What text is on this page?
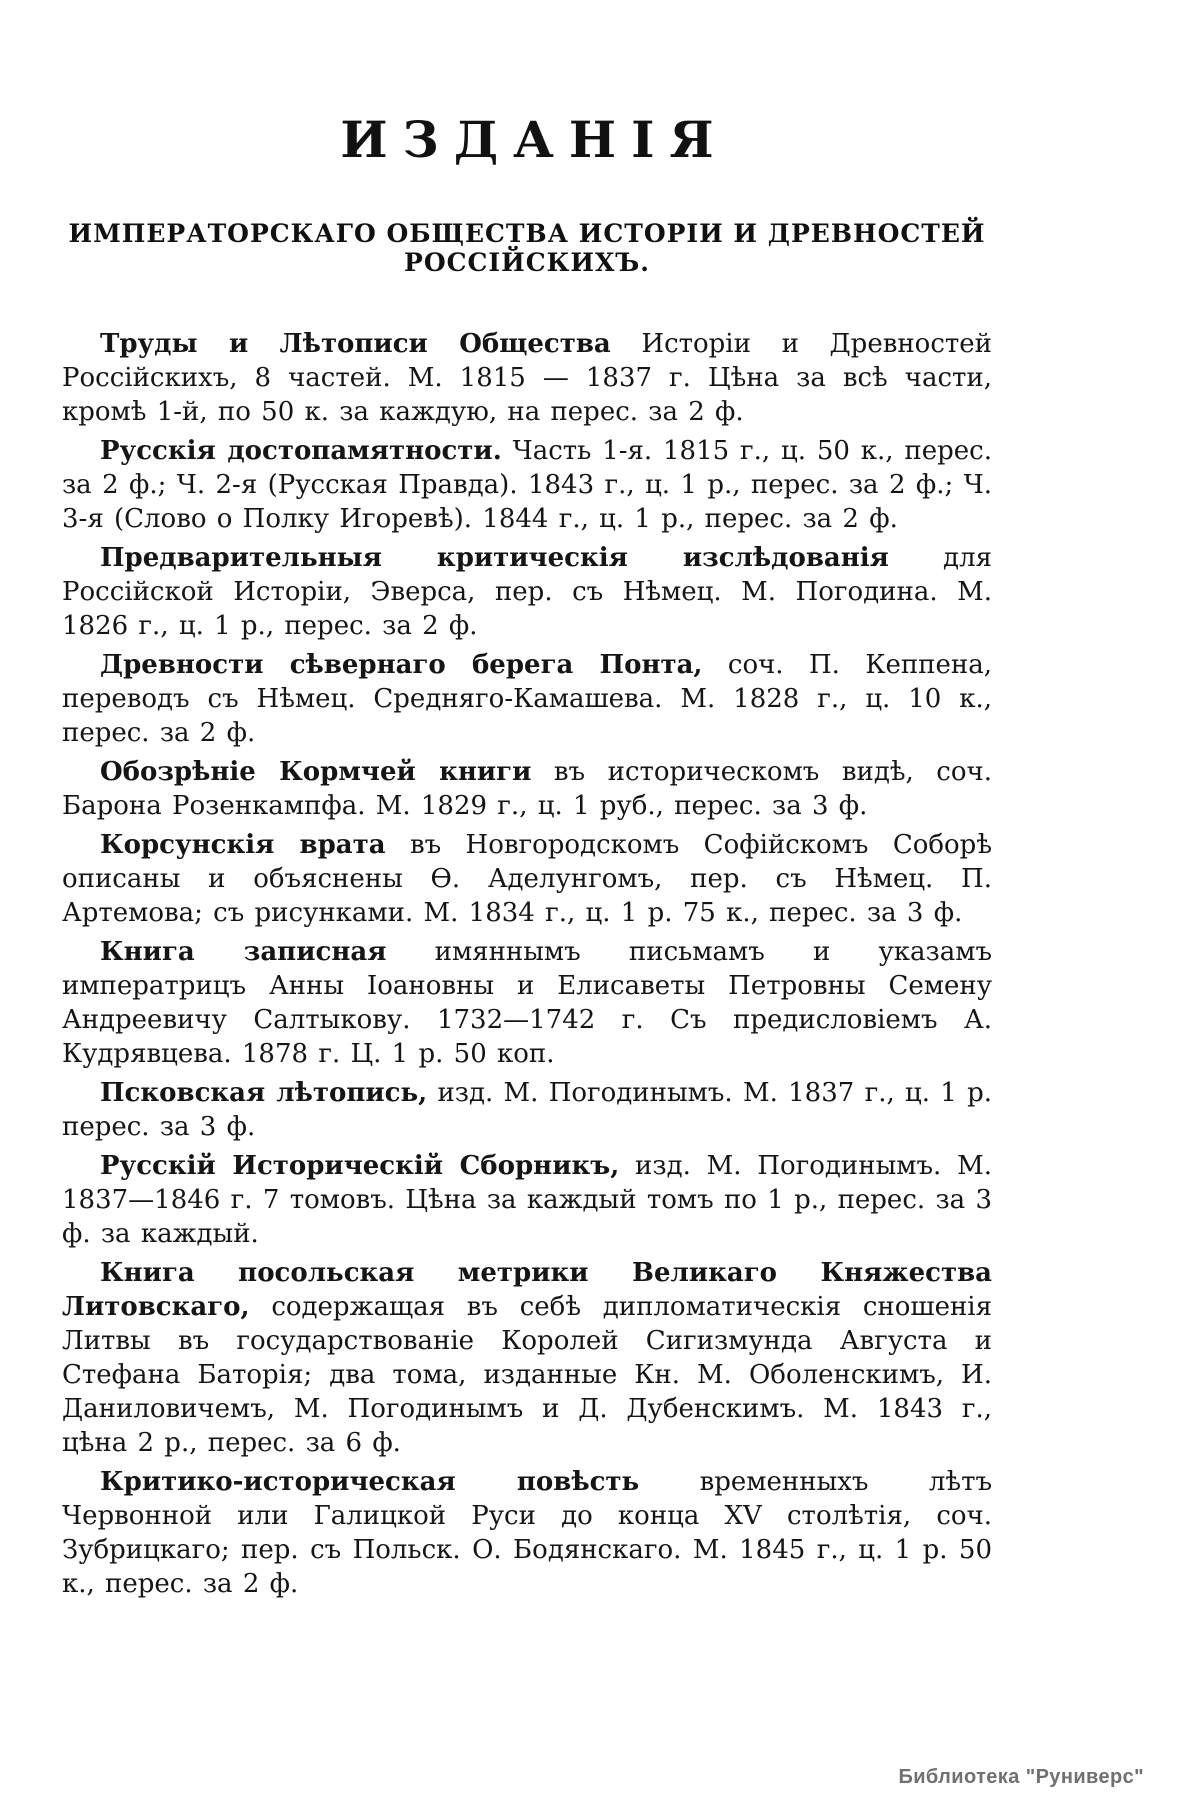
ИЗДАНІЯ
ИМПЕРАТОРСКАГО ОБЩЕСТВА ИСТОРІИ И ДРЕВНОСТЕЙ РОССІЙСКИХЪ.

Труды и Лѣтописи Общества Исторіи и Древностей Россійскихъ, 8 частей. М. 1815 — 1837 г. Цѣна за всѣ части, кромѣ 1-й, по 50 к. за каждую, на перес. за 2 ф.

Русскія достопамятности. Часть 1-я. 1815 г., ц. 50 к., перес. за 2 ф.; Ч. 2-я (Русская Правда). 1843 г., ц. 1 р., перес. за 2 ф.; Ч. 3-я (Слово о Полку Игоревѣ). 1844 г., ц. 1 р., перес. за 2 ф.

Предварительныя критическія изслѣдованія для Россійской Исторіи, Эверса, пер. съ Нѣмец. М. Погодина. М. 1826 г., ц. 1 р., перес. за 2 ф.

Древности сѣвернаго берега Понта, соч. П. Кеппена, переводъ съ Нѣмец. Средняго-Камашева. М. 1828 г., ц. 10 к., перес. за 2 ф.

Обозрѣніе Кормчей книги въ историческомъ видѣ, соч. Барона Розенкампфа. М. 1829 г., ц. 1 руб., перес. за 3 ф.

Корсунскія врата въ Новгородскомъ Софійскомъ Соборѣ описаны и объяснены Ѳ. Аделунгомъ, пер. съ Нѣмец. П. Артемова; съ рисунками. М. 1834 г., ц. 1 р. 75 к., перес. за 3 ф.

Книга записная имяннымъ письмамъ и указамъ императрицъ Анны Іоановны и Елисаветы Петровны Семену Андреевичу Салтыкову. 1732—1742 г. Съ предисловіемъ А. Кудрявцева. 1878 г. Ц. 1 р. 50 коп.

Псковская лѣтопись, изд. М. Погодинымъ. М. 1837 г., ц. 1 р. перес. за 3 ф.

Русскій Историческій Сборникъ, изд. М. Погодинымъ. М. 1837—1846 г. 7 томовъ. Цѣна за каждый томъ по 1 р., перес. за 3 ф. за каждый.

Книга посольская метрики Великаго Княжества Литовскаго, содержащая въ себѣ дипломатическія сношенія Литвы въ государствованіе Королей Сигизмунда Августа и Стефана Баторія; два тома, изданные Кн. М. Оболенскимъ, И. Даниловичемъ, М. Погодинымъ и Д. Дубенскимъ. М. 1843 г., цѣна 2 р., перес. за 6 ф.

Критико-историческая повѣсть временныхъ лѣтъ Червонной или Галицкой Руси до конца XV столѣтія, соч. Зубрицкаго; пер. съ Польск. О. Бодянскаго. М. 1845 г., ц. 1 р. 50 к., перес. за 2 ф.

Библиотека "Руниверс"
